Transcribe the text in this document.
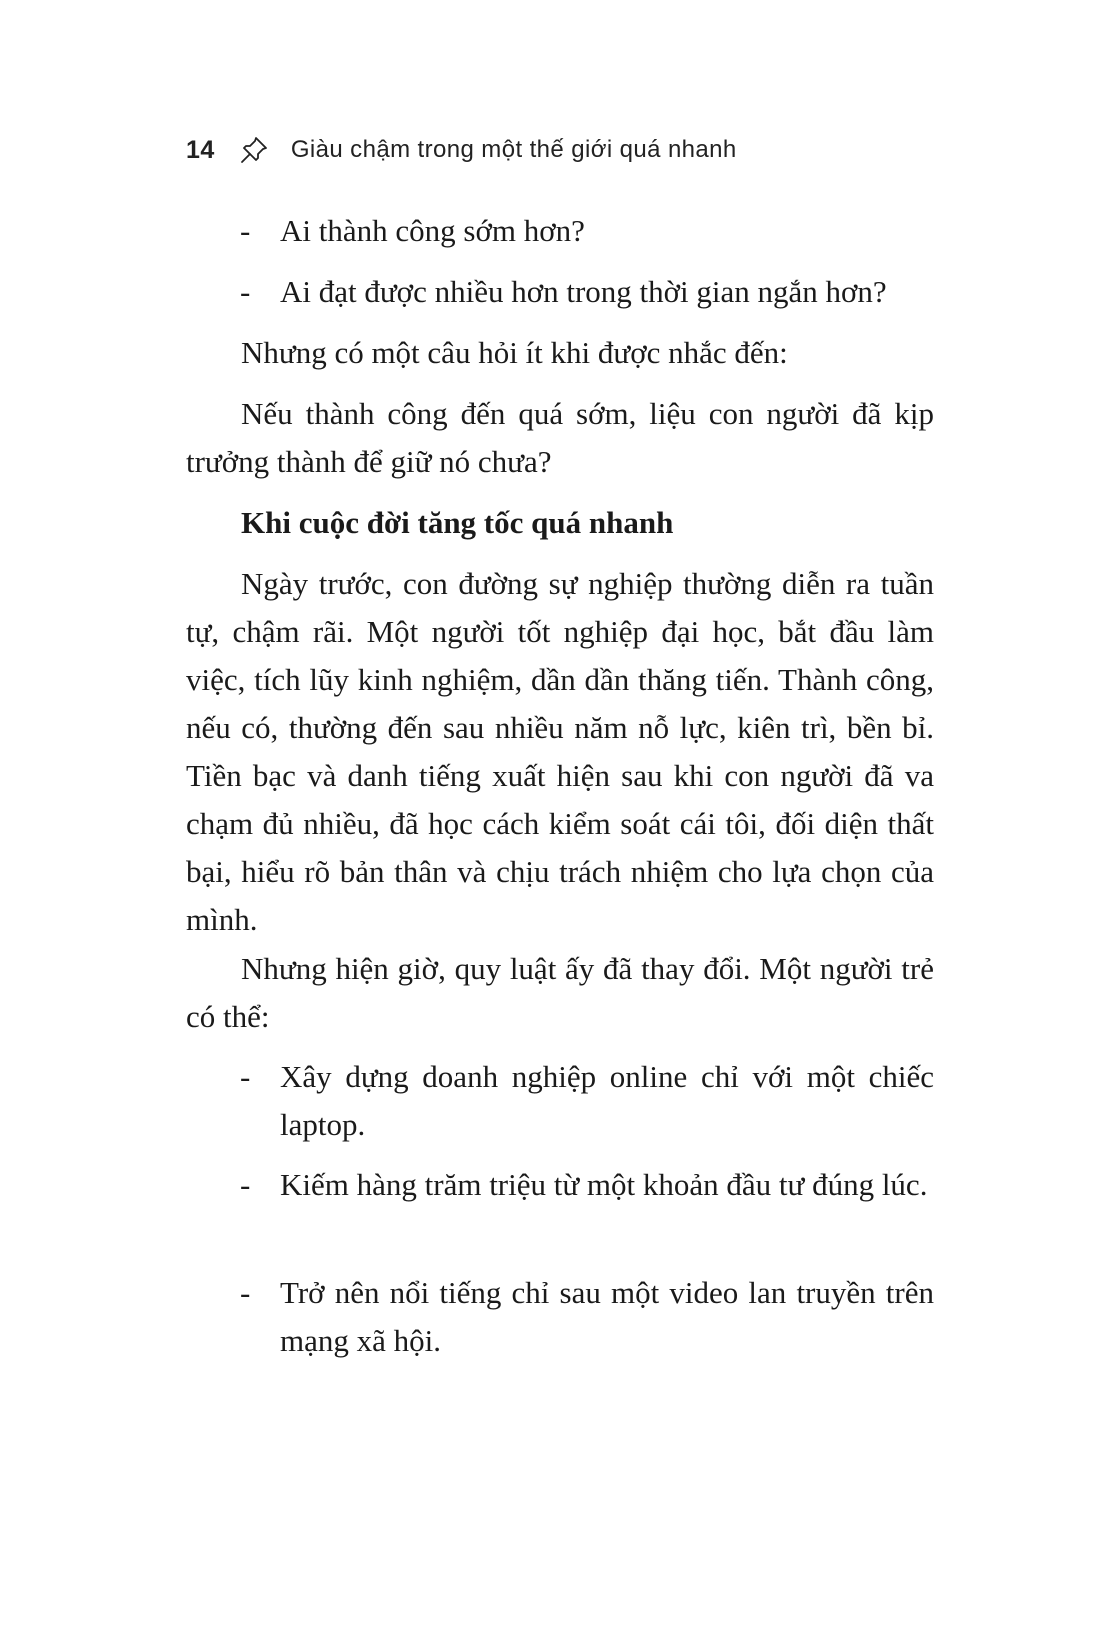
14	Giàu chậm trong một thế giới quá nhanh

- Ai thành công sớm hơn?

- Ai đạt được nhiều hơn trong thời gian ngắn hơn?

Nhưng có một câu hỏi ít khi được nhắc đến:

Nếu thành công đến quá sớm, liệu con người đã kịp trưởng thành để giữ nó chưa?

Khi cuộc đời tăng tốc quá nhanh

Ngày trước, con đường sự nghiệp thường diễn ra tuần tự, chậm rãi. Một người tốt nghiệp đại học, bắt đầu làm việc, tích lũy kinh nghiệm, dần dần thăng tiến. Thành công, nếu có, thường đến sau nhiều năm nỗ lực, kiên trì, bền bỉ. Tiền bạc và danh tiếng xuất hiện sau khi con người đã va chạm đủ nhiều, đã học cách kiểm soát cái tôi, đối diện thất bại, hiểu rõ bản thân và chịu trách nhiệm cho lựa chọn của mình.

Nhưng hiện giờ, quy luật ấy đã thay đổi. Một người trẻ có thể:

- Xây dựng doanh nghiệp online chỉ với một chiếc laptop.

- Kiếm hàng trăm triệu từ một khoản đầu tư đúng lúc.

- Trở nên nổi tiếng chỉ sau một video lan truyền trên mạng xã hội.
